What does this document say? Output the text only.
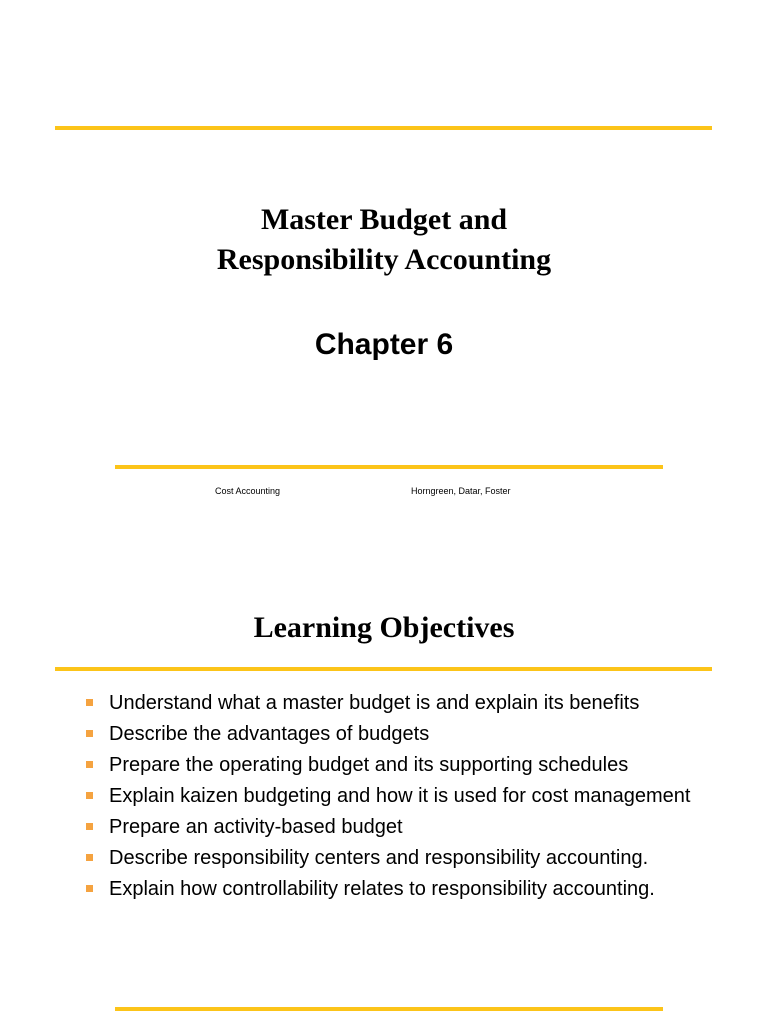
Master Budget and
Responsibility Accounting
Chapter 6
Cost Accounting	Horngreen, Datar, Foster
Learning Objectives
Understand what a master budget is and explain its benefits
Describe the advantages of budgets
Prepare the operating budget and its supporting schedules
Explain kaizen budgeting and how it is used for cost management
Prepare an activity-based budget
Describe responsibility centers and responsibility accounting.
Explain how controllability relates to responsibility accounting.
